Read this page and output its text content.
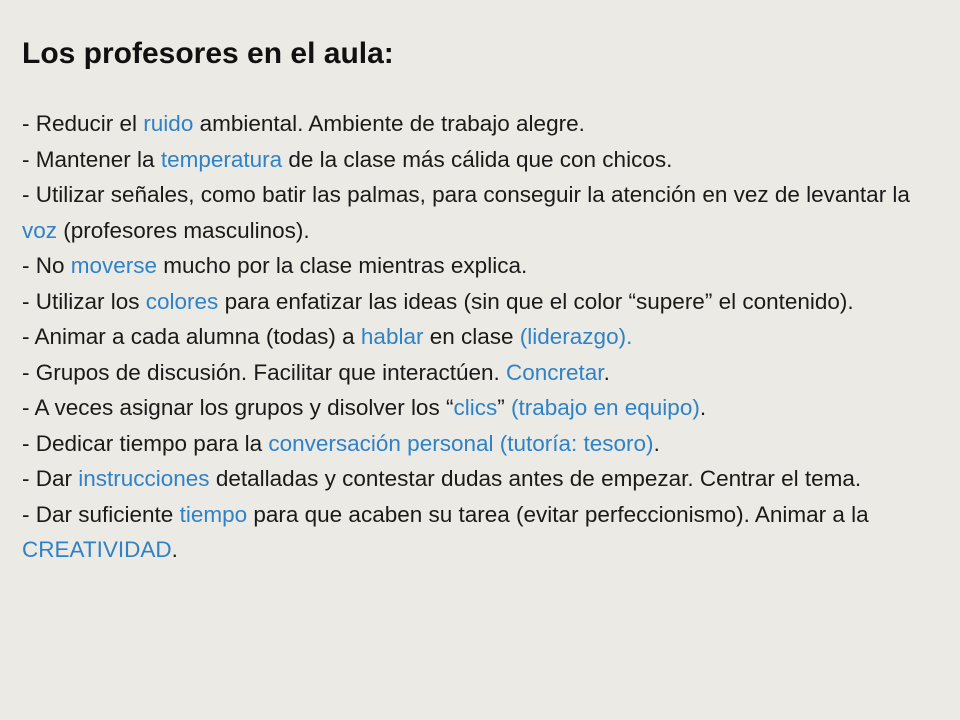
Los profesores en el aula:
- Reducir el ruido ambiental. Ambiente de trabajo alegre.
- Mantener la temperatura de la clase más cálida que con chicos.
- Utilizar señales, como batir las palmas, para conseguir la atención en vez de levantar la voz (profesores masculinos).
- No moverse mucho por la clase mientras explica.
- Utilizar los colores para enfatizar las ideas (sin que el color “supere” el contenido).
- Animar a cada alumna (todas) a hablar en clase (liderazgo).
- Grupos de discusión. Facilitar que interactúen. Concretar.
- A veces asignar los grupos y disolver los “clics” (trabajo en equipo).
- Dedicar tiempo para la conversación personal (tutoría: tesoro).
- Dar instrucciones detalladas y contestar dudas antes de empezar. Centrar el tema.
- Dar suficiente tiempo para que acaben su tarea (evitar perfeccionismo). Animar a la CREATIVIDAD.
